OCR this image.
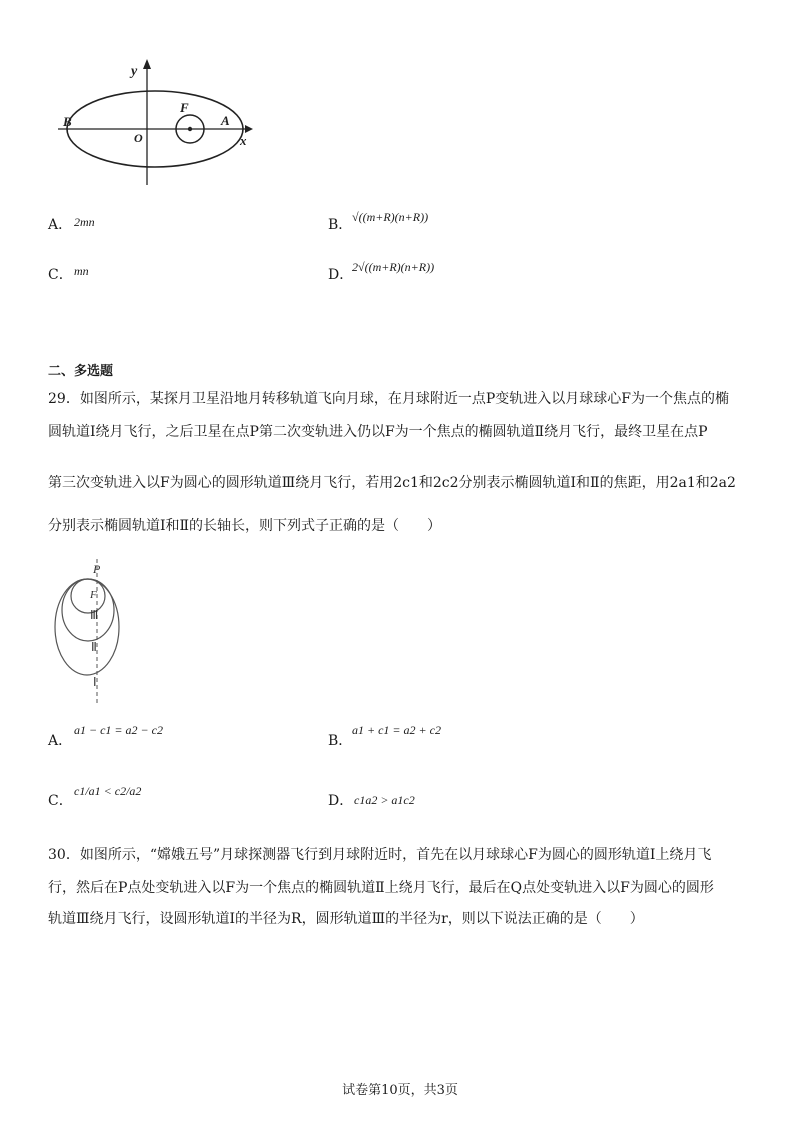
y
x
B	A
O
F
A． 2mn	B． √((m+R)(n+R))
C． mn	D．
2√((m+R)(n+R))
二、多选题
29．如图所示，某探月卫星沿地月转移轨道飞向月球，在月球附近一点P变轨进入以月球球心F为一个焦点的椭
圆轨道Ⅰ绕月飞行，之后卫星在点P第二次变轨进入仍以F为一个焦点的椭圆轨道Ⅱ绕月飞行，最终卫星在点P
第三次变轨进入以F为圆心的圆形轨道Ⅲ绕月飞行，若用2c1和2c2分别表示椭圆轨道Ⅰ和Ⅱ的焦距，用2a1和2a2
分别表示椭圆轨道Ⅰ和Ⅱ的长轴长，则下列式子正确的是（　　）
P
F
Ⅲ
Ⅱ
Ⅰ
A．
a1 − c1 = a2 − c2
B．
a1 + c1 = a2 + c2
C．
c1/a1 < c2/a2
D． c1a2 > a1c2
30．如图所示，“嫦娥五号”月球探测器飞行到月球附近时，首先在以月球球心F为圆心的圆形轨道Ⅰ上绕月飞
行，然后在P点处变轨进入以F为一个焦点的椭圆轨道Ⅱ上绕月飞行，最后在Q点处变轨进入以F为圆心的圆形
轨道Ⅲ绕月飞行，设圆形轨道Ⅰ的半径为R，圆形轨道Ⅲ的半径为r，则以下说法正确的是（　　）
试卷第10页，共3页
